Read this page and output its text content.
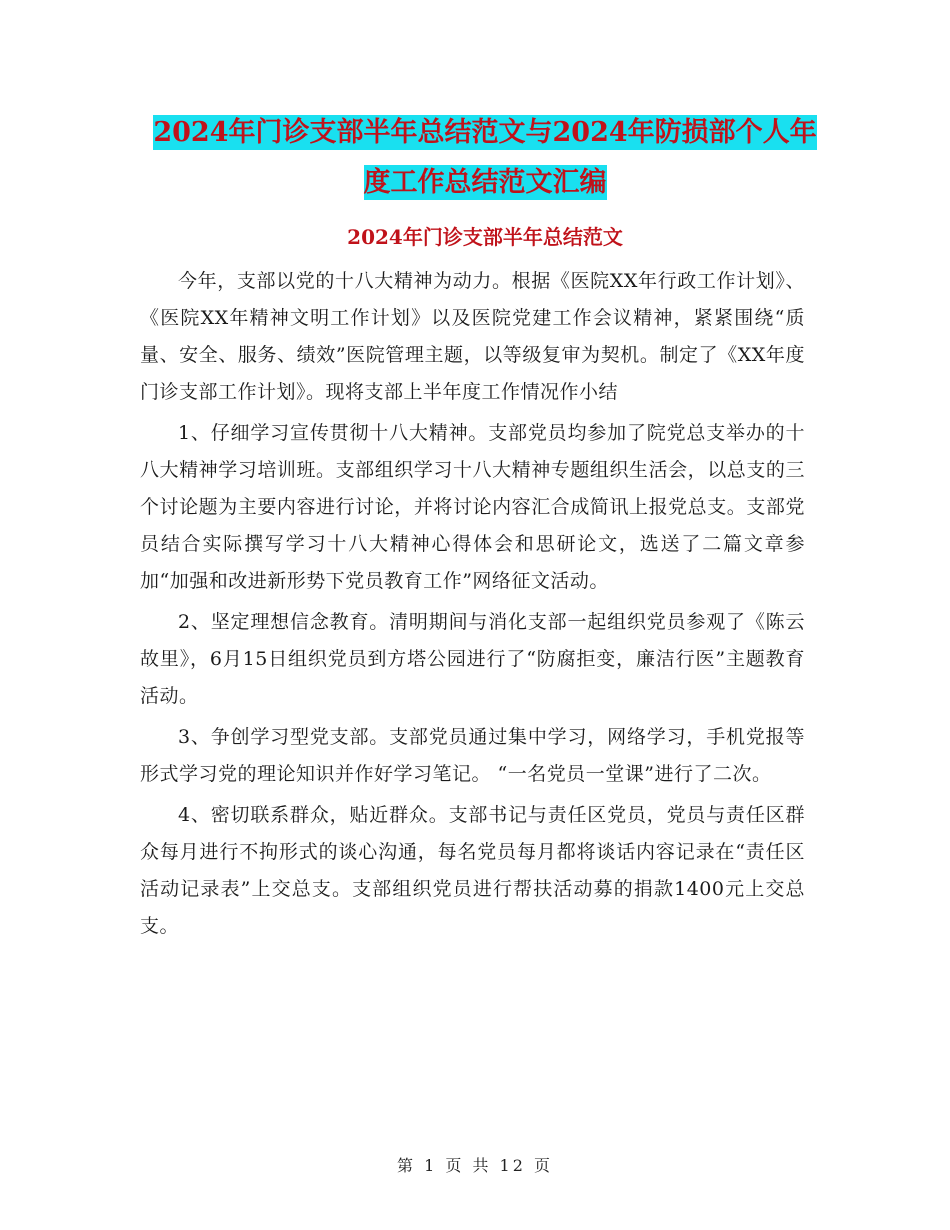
2024年门诊支部半年总结范文与2024年防损部个人年
度工作总结范文汇编
2024年门诊支部半年总结范文

今年，支部以党的十八大精神为动力。根据《医院XX年行政工作计划》、《医院XX年精神文明工作计划》以及医院党建工作会议精神，紧紧围绕“质量、安全、服务、绩效”医院管理主题，以等级复审为契机。制定了《XX年度门诊支部工作计划》。现将支部上半年度工作情况作小结

1、仔细学习宣传贯彻十八大精神。支部党员均参加了院党总支举办的十八大精神学习培训班。支部组织学习十八大精神专题组织生活会，以总支的三个讨论题为主要内容进行讨论，并将讨论内容汇合成简讯上报党总支。支部党员结合实际撰写学习十八大精神心得体会和思研论文，选送了二篇文章参加“加强和改进新形势下党员教育工作”网络征文活动。

2、坚定理想信念教育。清明期间与消化支部一起组织党员参观了《陈云故里》，6月15日组织党员到方塔公园进行了“防腐拒变，廉洁行医”主题教育活动。

3、争创学习型党支部。支部党员通过集中学习，网络学习，手机党报等形式学习党的理论知识并作好学习笔记。 “一名党员一堂课”进行了二次。

4、密切联系群众，贴近群众。支部书记与责任区党员，党员与责任区群众每月进行不拘形式的谈心沟通，每名党员每月都将谈话内容记录在“责任区活动记录表”上交总支。支部组织党员进行帮扶活动募的捐款1400元上交总支。

第 1 页 共 12 页
